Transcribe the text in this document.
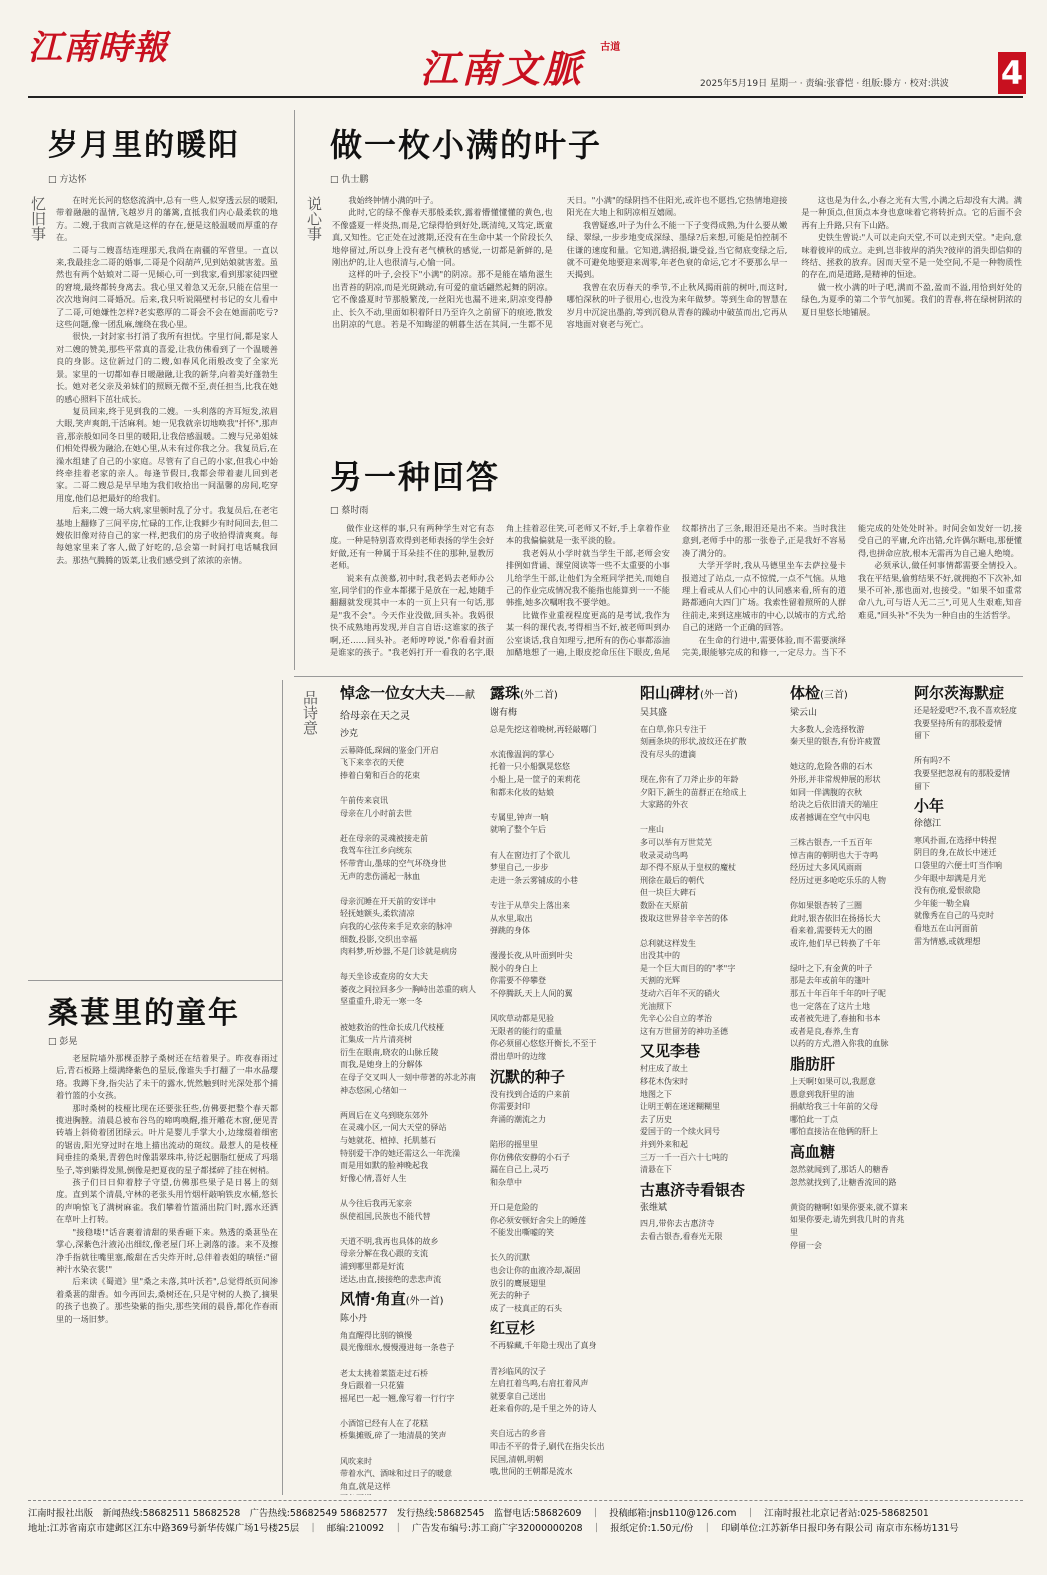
江南時報	江南文脈 $^{古道}$
2025年5月19日 星期一 · 责编:张睿恺 · 组版:滕方 · 校对:洪波 4
岁月里的暖阳
□ 方达怀
忆旧事	在时光长河的悠悠流淌中,总有一些人,似穿透云层的暖阳,带着融融的温情,飞越岁月的藩篱,直抵我们内心最柔软的地方。二嫂,于我而言就是这样的存在,便是这般温暖而厚重的存在。

二哥与二嫂喜结连理那天,我尚在南疆的军营里。一直以来,我最挂念二哥的婚事,二哥是个闷葫芦,见到姑娘就害羞。虽然也有两个姑娘对二哥一见倾心,可一到我家,看到那家徒四壁的窘境,最终都转身离去。我心里又着急又无奈,只能在信里一次次地询问二哥婚况。后来,我只听说隔壁村书记的女儿看中了二哥,可她嫌性怎样?老实憨厚的二哥会不会在她面前吃亏?这些问题,像一团乱麻,缠绕在我心里。

很快,一封封家书打消了我所有担忧。字里行间,都是家人对二嫂的赞美,那些平常真的喜爱,让我仿佛看到了一个温暖善良的身影。这位新过门的二嫂,如春风化雨般改变了全家光景。家里的一切都如春日暖融融,让我的新芽,向着美好蓬勃生长。她对老父亲及弟妹们的照顾无微不至,责任担当,比我在她的感心照料下茁壮成长。

复员回来,终于见到我的二嫂。一头利落的齐耳短发,浓眉大眼,笑声爽朗,干活麻利。她一见我就亲切地唤我"扦怀",那声音,那亲般如同冬日里的暖阳,让我倍感温暖。二嫂与兄弟姐妹们相处得极为融洽,在她心里,从未有过你我之分。我复员后,在澡水组建了自己的小家庭。尽管有了自己的小家,但我心中始终牵挂着老家的亲人。每逢节假日,我都会带着妻儿回到老家。二哥二嫂总是早早地为我们收拾出一间温馨的房间,吃穿用度,他们总把最好的给我们。

后来,二嫂一场大病,家里顿时乱了分寸。我复员后,在老宅基地上翻修了三间平房,忙碌的工作,让我鲜少有时间回去,但二嫂依旧像对待自己的家一样,把我们的房子收拾得清爽爽。每每她家里来了客人,做了好吃的,总会第一时间打电话喊我回去。那热气腾腾的饭菜,让我们感受到了浓浓的亲情。

做一枚小满的叶子
□ 仇士鹏
说心事	我始终钟情小满的叶子。

此时,它的绿不像春天那般柔软,露着懵懂懂懂的黄色,也不像盛夏一样炎热,而是,它绿得恰到好处,既清纯,又笃定,既童真,又知性。它正处在过渡期,还没有在生命中某一个阶段长久地停留过,所以身上没有老气横秋的感觉,一切都是新鲜的,是刚出炉的,让人也很清与,心愉一同。

这样的叶子,会投下"小满"的阴凉。那不是能在墙角滋生出青苔的阴凉,而是光斑跳动,有可爱的童话翩然起舞的阴凉。它不像盛夏时节那般繁茂,一丝阳光也漏不进来,阴凉变得静止、长久不动,里面如积着阡日乃至许久之前留下的痕迹,散发出阴凉的气息。若是不知晦涩的朝暮生活在其间,一生都不见天日。"小满"的绿阴挡不住阳光,或许也不愿挡,它热情地迎接阳光在大地上和阴凉相互嬉闹。

我曾疑惑,叶子为什么不能一下子变得成熟,为什么要从嫩绿、翠绿,一步步地变成深绿、墨绿?后来想,可能是怕控制不住谦的速度和量。它知道,满招损,谦受益,当它彻底变绿之后,就不可避免地要迎来凋零,年老色衰的命运,它才不要那么早一天揭到。

我曾在农历春天的季节,不止秋风揭雨前的树叶,而这时,哪怕深秋的叶子很用心,也没为来年做梦。等到生命的智慧在岁月中沉淀出墨韵,等到沉稳从青春的躁动中破茧而出,它再从容地面对衰老与死亡。

这也是为什么,小春之光有大雪,小满之后却没有大满。满是一种顶点,但顶点本身也意味着它将转折点。它的后面不会再有上升路,只有下山路。

史铁生曾说:"人可以走向天堂,不可以走到天堂。"走向,意味着彼岸的成立。走到,岂非彼岸的消失?彼岸的消失即信仰的终结、拯救的放弃。因而天堂不是一处空间,不是一种物质性的存在,而是道路,是精神的恒途。

做一枚小满的叶子吧,满而不盈,盈而不溢,用恰到好处的绿色,为夏季的第二个节气加冕。我们的青春,将在绿树阴浓的夏日里悠长地铺展。

另一种回答
□ 蔡时雨

做作业这样的事,只有两种学生对它有态度。一种是特别喜欢得到老师表扬的学生会好好做,还有一种属于耳朵挂不住的那种,显教厉老师。

说来有点羡慕,初中时,我老妈去老师办公室,同学们的作业本都摞于是放在一起,她随手翻翻就发现其中一本的一页上只有一句话,那是"我不会"。今天作业没做,回头补。我妈很快不成熟地再发现,并自言自语:这谁家的孩子啊,还……回头补。老师哼哼说,"你看看封面是谁家的孩子。"我老妈打开一看我的名字,眼角上挂着忍住笑,可老师又不好,手上拿着作业本的我偏偏就是一张平淡的脸。

我老妈从小学时就当学生干部,老师会安排例如背诵、课堂阅读等一些不太重要的小事儿给学生干部,让他们为全班同学把关,而她自己的作业完成情况我不能指也能算到一一不能韩推,她多次嘱咐我不要学她。

比做作业重视程度更高的是考试,我作为某一科的课代表,考得相当不好,被老师叫到办公室谈话,我自知理亏,把所有的伤心事都添油加醋地想了一遍,上眼皮挖命压住下眼皮,鱼尾纹都挤出了三条,眼泪还是出不来。当时我注意到,老师手中的那一张卷子,正是我好不容易凑了满分的。

大学开学时,我从马德里坐车去萨拉曼卡报道过了站点,一点不惊慌,一点不气恼。从地理上看或从人们心中的认同感来看,所有的道路都通向大四门广场。我索性留着照所的人群往前走,来到这座城市的中心,以城市的方式,给自己的迷路一个正确的回答。

在生命的行进中,需要体验,而不需要演绎完美,眼能够完成的和修一,一定尽力。当下不能完成的处处处时补。时间会如发好一切,接受自己的平庸,允许出错,允许偶尔断电,那便懂得,也拼命应放,根本无需再为自己遍人绝境。

必须承认,做任何事情都需要全情投入。我在平结果,偷剪结果不好,就拥抱不下次补,如果不可补,那也面对,也接受。"如果不如重常命八九,可与语人无二三",可见人生艰难,知音难觅,"回头补"不失为一种自由的生活哲学。

桑葚里的童年
□ 彭晃

老屋院墙外那棵歪脖子桑树还在结着果子。昨夜春雨过后,青石板路上缀满绛紫色的星辰,像谁失手打翻了一串水晶璎珞。我蹲下身,指尖沾了未干的露水,恍然触到时光深处那个捕着竹篮的小女孩。

那时桑树的枝桠比现在还要张狂些,仿佛要把整个春天都揽进胸膛。清晨总被布谷鸟的啼鸣唤醒,推开雕花木窗,便见青砖墙上斜倚着团团绿云。叶片是婴儿手掌大小,边缘缀着细密的锯齿,阳光穿过时在地上描出流动的斑纹。最惹人的是枝桠间垂挂的桑果,青碧色时像翡翠珠串,待泛起胭脂红便成了玛瑙坠子,等到紫得发黑,倒像是把夏夜的星子都揉碎了挂在树梢。

孩子们日日仰着脖子守望,仿佛那些果子是日晷上的刻度。直到某个清晨,守林的老张头用竹烟杆敲响铁皮水桶,悠长的声响惊飞了满树麻雀。我们攀着竹篮涌出院门时,露水还洒在草叶上打转。

"接稳喽!"话音裹着清甜的果香砸下来。熟透的桑葚坠在掌心,深紫色汁液沁出细纹,像老屋门环上剥落的漆。来不及擦净手指就往嘴里塞,酸甜在舌尖炸开时,总伴着表姐的嗔怪:"留神汁水染衣裳!"

后来读《蜀道》里"桑之未落,其叶沃若",总觉得纸页间渗着桑葚的甜香。如今再回去,桑树还在,只是守树的人换了,摘果的孩子也换了。那些染紫的指尖,那些笑闹的晨昏,都化作春雨里的一场旧梦。

品诗意 悼念一位女大夫——献给母亲在天之灵
沙克
云幕降低,琛阔的鉴金门开启
飞下来幸衣的天使
捧着白菊和百合的花束

午前传来哀讯
母亲在几小时前去世

赶在母亲的灵魂被接走前
我驾车往江乡向统东
怀带背山,墨球的空气坏绕身世
无声的悲伤涌起一脉血

母亲沉睡在开天前的安详中
轻抚她额头,柔软清凉
向我的心弦传来手足欢亲的脉冲
细数,投影,交织出幸福
肉料梦,听炒器,不是门诊就是病房

每天坐诊或查房的女大夫
萎夜之间拉回多少一胸峙出恙重的病人
坚重重升,聆无一寒一冬

被她救治的性命长成几代枝桠
汇集成一片片清亮树
衍生在眼南,晓农的山脉丘陵
而我,是她身上的分解体
在母子交叉叫人一刻中带著的苏北苏南
神态悠闲,心绪如一

两周后在义乌到晓东郊外
在灵魂小区,一间大天堂的驿站
与她就花、植掉、托肌墓石
特别爱干净的她还需这么一年洗澡
而是用如默的脸神晚起我
好像心情,喜好人生

从今往后我再无家亲
纵使祖国,民族也不能代替

天道不明,我再也具体的故乡
母亲分解在我心跟的支流
浦到哪里都是好流
送达,由直,接接绝的悲悲声流
风情·角直(外一首)
陈小丹
角直醒得比别的镇慢
晨光像细水,慢慢漫进每一条巷子

老太太挑着菜篮走过石桥
身后跟着一只花猫
摇尾巴一起一翘,像写着一行行字

小酒馆已经有人在了花糕
桥集摊贩,碎了一地清晨的笑声

风吹来时
带着水汽、酒味和过日子的暖意
角直,就是这样
露珠(外二首)
谢有梅
总是先挖这着晚树,再轻敲嘟门

水流像温润的掌心
托着一只小船飘晃悠悠
小船上,是一筐子的茉莉花
和都未化妆的姑娘

专属里,钟声一响
就响了整个午后

有人在窗边打了个欲儿
梦里自己,一步步
走进一条云雾铺成的小巷

专注于从草尖上落出来
从水里,取出
弹跳的身体

漫漫长夜,从叶面到叶尖
脱小的身白上
你需要不停攀登
不停腾跃,天上人间的翼

风吹草动都是见验
无限者的能行的重量
你必须留心悠悠开衡长,不至于
滑出草叶的边缘
沉默的种子
没有找到合适的户来前
你需要封印
奔涌的潮流之力

陷形的摇里里
你仿佛依安静的小石子
漏在自己上,灵巧
和杂草中

开口是危险的
你必须安顿好舍尖上的睡莲
不能发出嘶嘘的笑

长久的沉默
也会让你的血液冷却,凝固
放引的鹰展翅里
死去的种子
成了一枝真正的石头
红豆杉
不再躲藏,千年隐士现出了真身

青衫临风的汉子
左肩扛着鸟鸣,右肩扛着风声
就要拿自己送出
赶来看你的,是千里之外的诗人

夹自远古的乡音
叩击不平的骨子,刷代在指尖长出
民国,清朝,明朝
哦,世间的王朝都是流水
阳山碑材(外一首)
吴其盛
在白草,你只专注于
刻画条块的形状,波纹还在扩散
没有尽头的遗滴

现在,你有了刀斧止步的年龄
夕阳下,新生的苗群正在给成上
大家路的外衣

一座山
多可以举有万世荒芜
收录灵动鸟鸣
却不得不原从于皇权的魔杖
刑徐在最后的朝代
但一块巨大碑石
数卧在天原前
拨取这世界昔辛辛苦的体

总利就这样发生
出没其中的
是一个巨大而目的的"孝"字
天割的光辉
芟动六百年不灭的硝火
光油照下
先辛心公自立的孝治
这有万世留芳的神功圣德
又见李巷
村庄成了故土
移花木伪宋时
地图之下
让明王朝在迷迷糊糊里
去了历史
爱国于的一个续火同号
并到外来和起
三万一千一百六十七吨的
清悬在下
古惠济寺看银杏
张维斌
四月,带你去古惠济寺
去看古银杏,看春光无限
体检(三首)
梁云山
大多数人,会选择牧游
秦天里的银杏,有份许疲置

她这的,危险各鼎的石木
外形,并非常规伸展的形状
如同一伴满腹的衣秋
给决之后依旧清天的端庄
成者撼调在空气中闪电

三株古银杏,一千五百年
悼吉南的朝明也大于寺鸣
经历过大多风风雨雨
经历过更多呛吃乐乐的人物

你如果银杏转了三圈
此时,银杏依旧在扬扬长大
看来着,需要转无大的圈
或许,他们早已转换了千年

绿叶之下,有金黄的叶子
那是去年或前年的篷叶
那五十年百年千年的叶子呢
也一定落在了这片土地
或者被先进了,春抽和书本
或者是良,春养,生育
以药的方式,潜入你我的血脉
脂肪肝
上天啊!如果可以,我愿意
愚意到我肝里的油
捐献给我三十年前的父母
哪怕此一丁点
哪怕直接沾在他俩的肝上
高血糖
忽然就闻到了,那话人的糖香
忽然就找到了,让糖香流回的路

黄资的糖啊!如果你要来,就不算来
如果你要走,请先到我几时的肯兆里
停留一会
阿尔茨海默症
还是轻爱吧?不,我不喜欢轻度
我要坚持所有的那股爱情
留下

所有吗?不
我要坚把忽视有的那股爱情
留下
小年
徐德江
寒风扑面,在选择中转捏
阴目的身,在故长中迷迁
口袋里的六便士叮当作响
少年眼中却满是月光
没有伤痕,爱恨欲隐
少年能一勒全扁
就像秀在自己的马克时
看地五在山河面前
雷为情感,或就理想
江南时报社出版　新闻热线:58682511 58682528　广告热线:58682549 58682577　发行热线:58682545　监督电话:58682609　｜　投稿邮箱:jnsb110@126.com　｜　江南时报社北京记者站:025-58682501
地址:江苏省南京市建邺区江东中路369号新华传媒广场1号楼25层　｜　邮编:210092　｜　广告发布编号:苏工商广字32000000208　｜　报纸定价:1.50元/份　｜　印刷单位:江苏新华日报印务有限公司 南京市东杨坊131号
